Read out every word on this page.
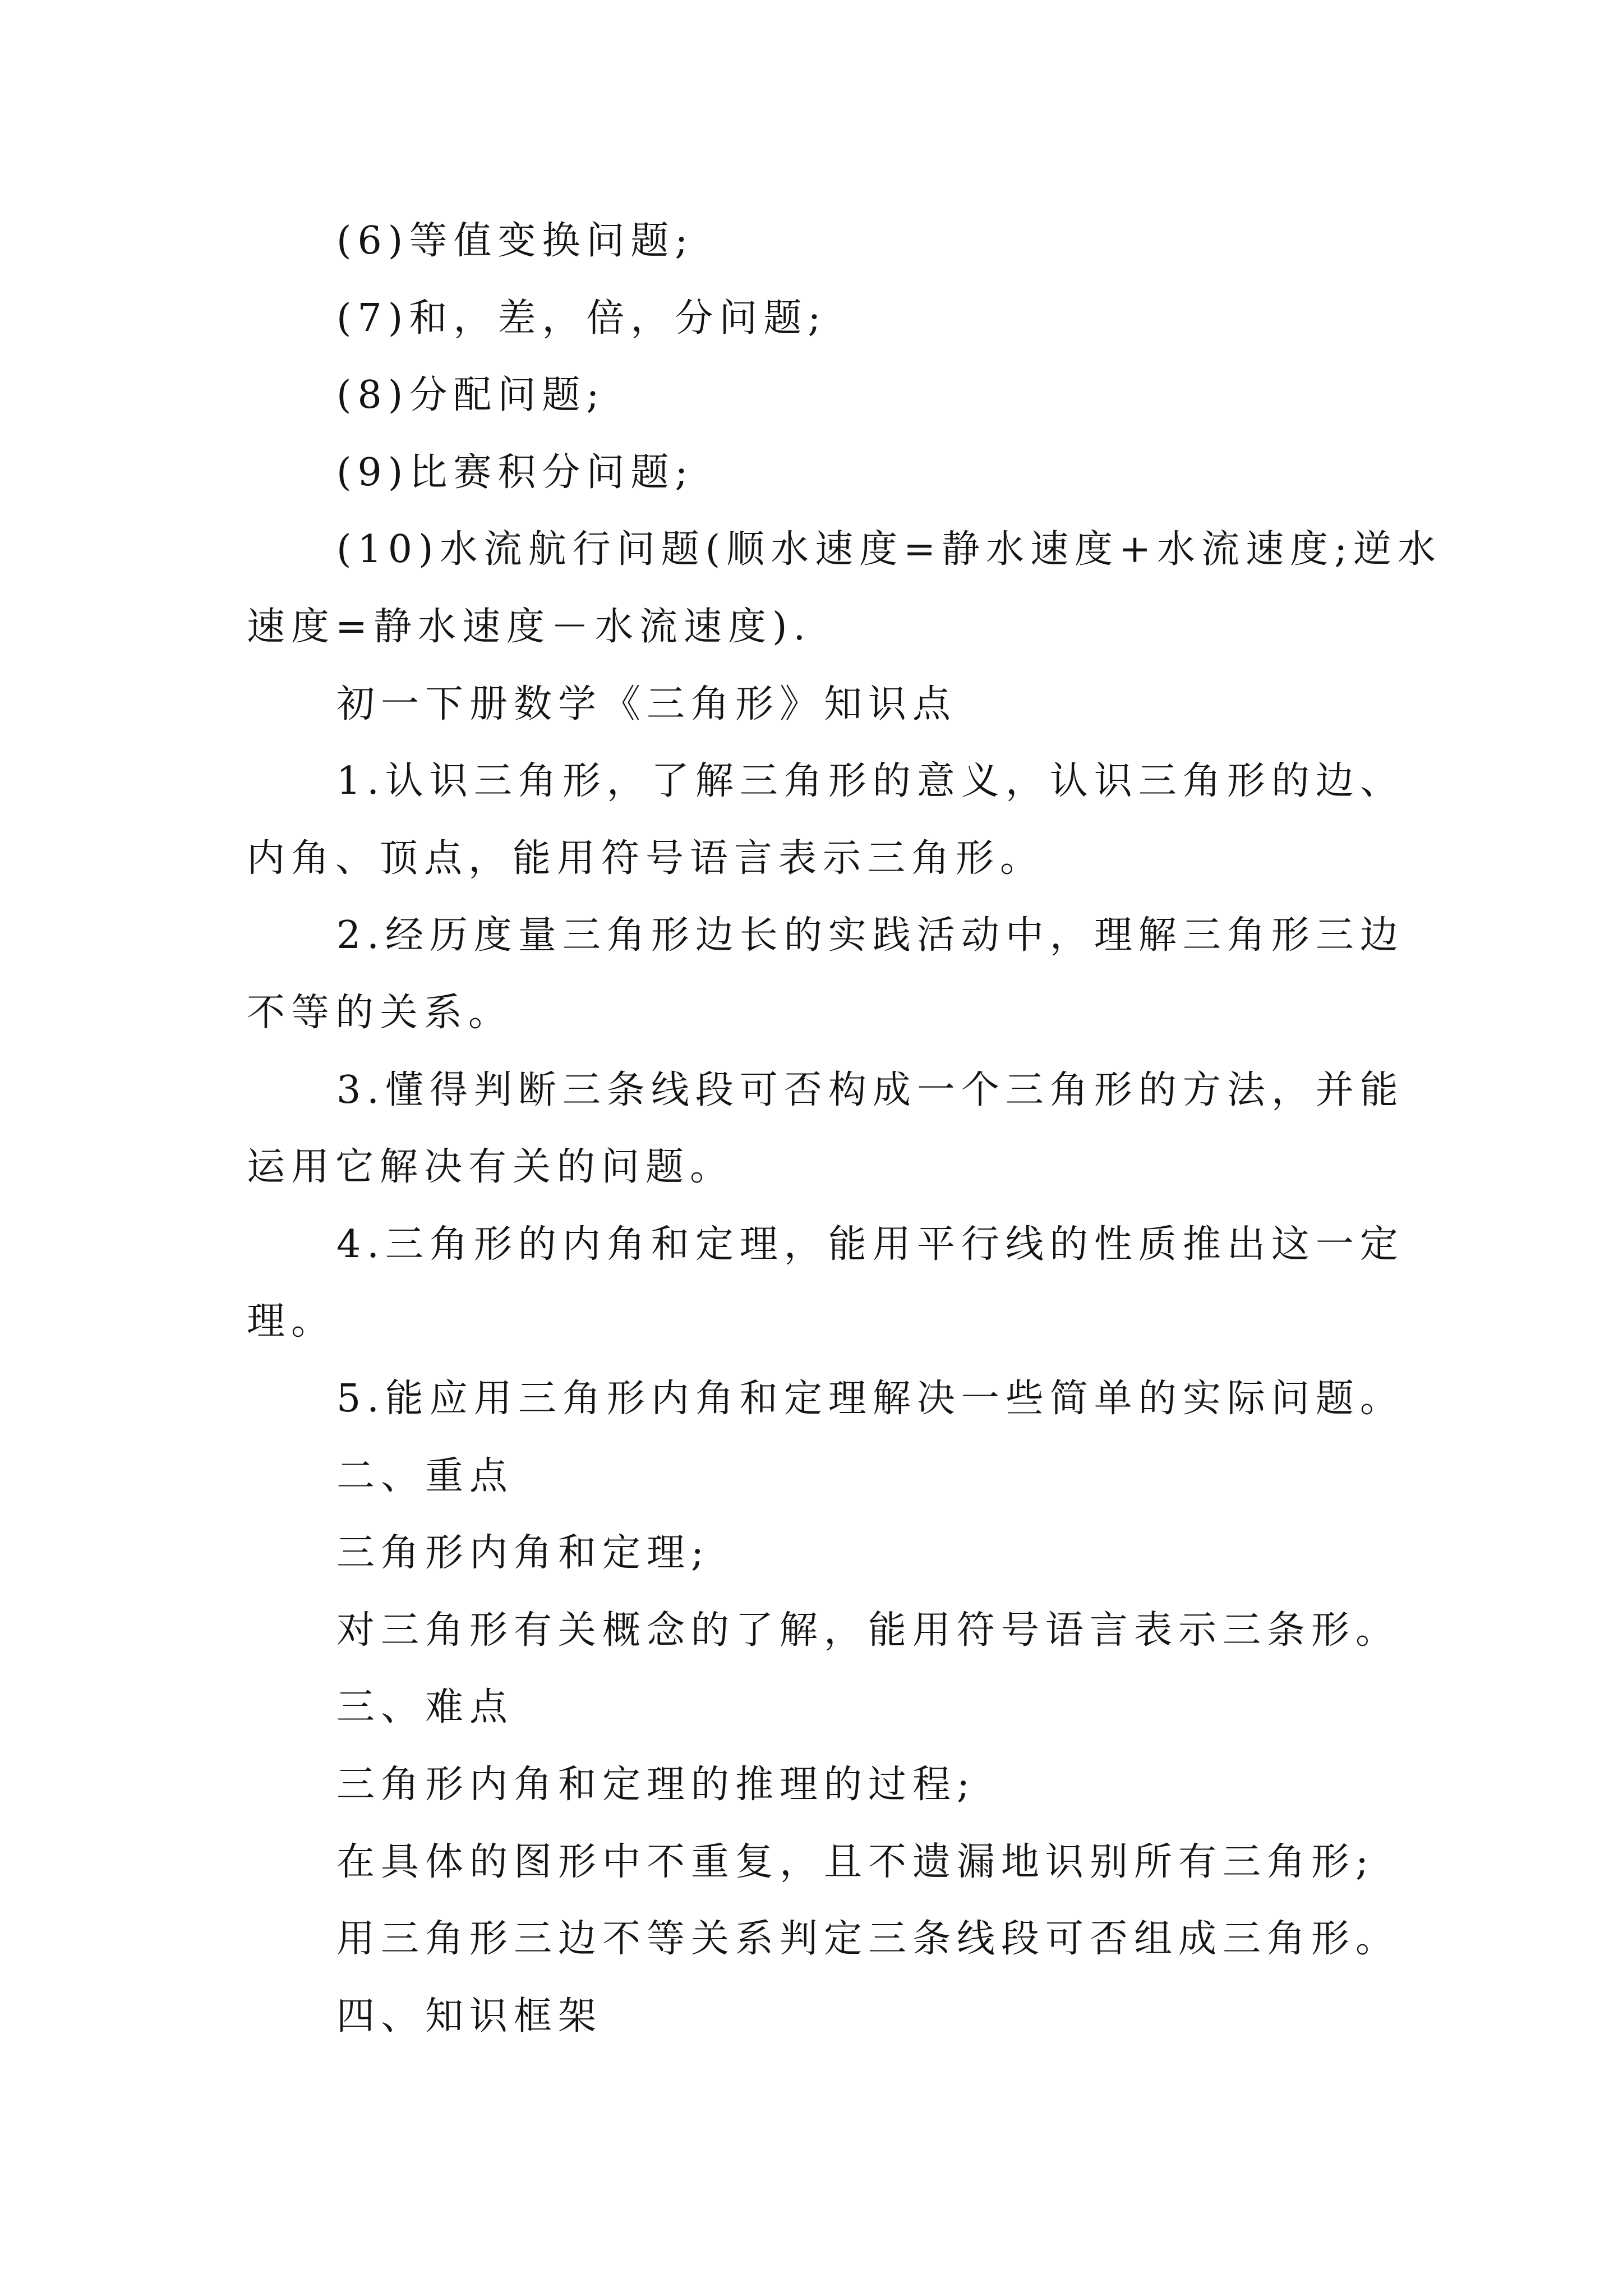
(6)等值变换问题;
(7)和，差，倍，分问题;
(8)分配问题;
(9)比赛积分问题;
(10)水流航行问题(顺水速度=静水速度+水流速度;逆水
速度=静水速度－水流速度).
初一下册数学《三角形》知识点
1.认识三角形，了解三角形的意义，认识三角形的边、
内角、顶点，能用符号语言表示三角形。
2.经历度量三角形边长的实践活动中，理解三角形三边
不等的关系。
3.懂得判断三条线段可否构成一个三角形的方法，并能
运用它解决有关的问题。
4.三角形的内角和定理，能用平行线的性质推出这一定
理。
5.能应用三角形内角和定理解决一些简单的实际问题。
二、重点
三角形内角和定理;
对三角形有关概念的了解，能用符号语言表示三条形。
三、难点
三角形内角和定理的推理的过程;
在具体的图形中不重复，且不遗漏地识别所有三角形;
用三角形三边不等关系判定三条线段可否组成三角形。
四、知识框架
